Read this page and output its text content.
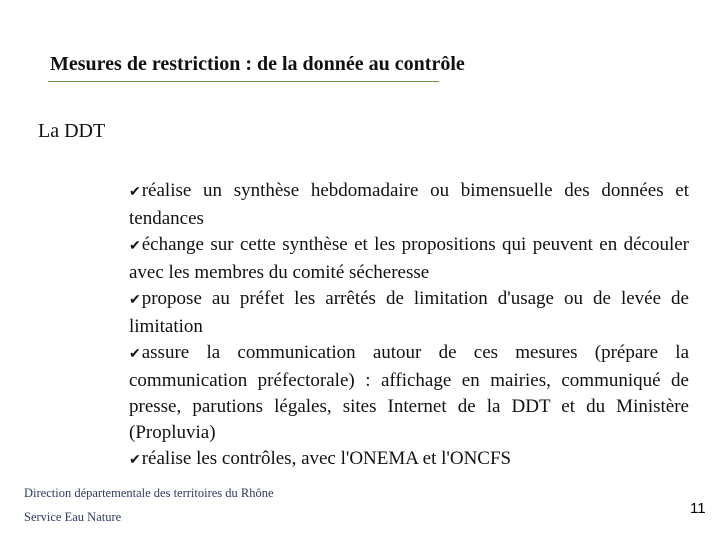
Mesures de restriction : de la donnée au contrôle
La DDT
✔réalise un synthèse hebdomadaire ou bimensuelle des données et tendances
✔échange sur cette synthèse et les propositions qui peuvent en découler avec les membres du comité sécheresse
✔propose au préfet les arrêtés de limitation d'usage ou de levée de limitation
✔assure la communication autour de ces mesures (prépare la communication préfectorale) : affichage en mairies, communiqué de presse, parutions légales, sites Internet de la DDT et du Ministère (Propluvia)
✔réalise les contrôles, avec l'ONEMA et l'ONCFS
Direction départementale des territoires du Rhône
Service Eau Nature	11
